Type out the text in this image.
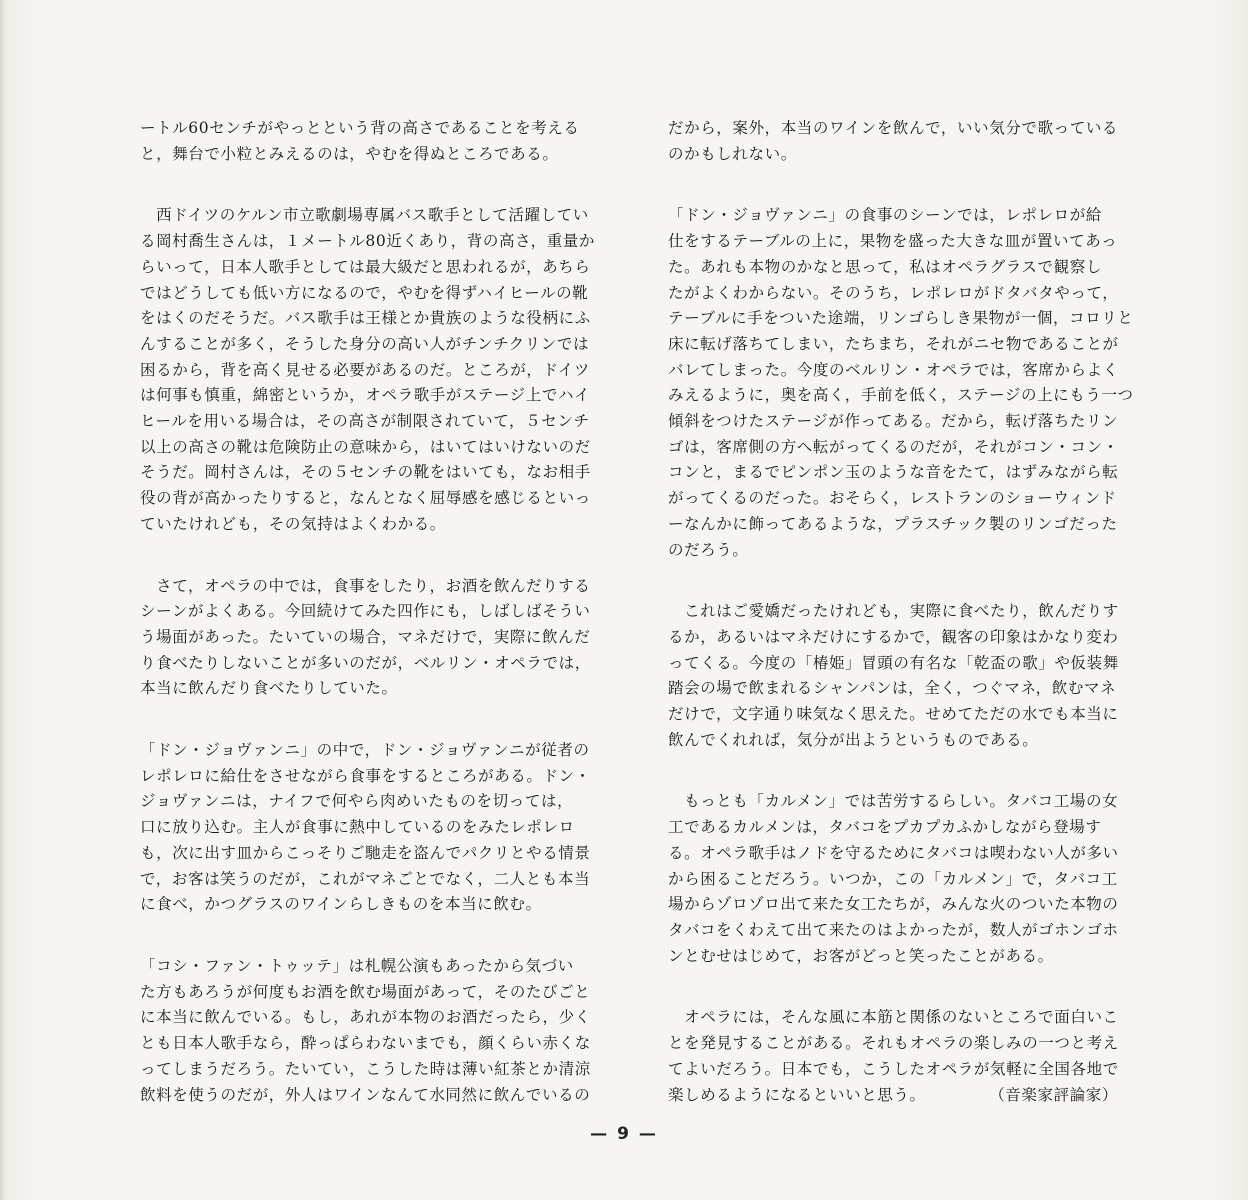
ートル60センチがやっとという背の高さであることを考える
と，舞台で小粒とみえるのは，やむを得ぬところである。
　西ドイツのケルン市立歌劇場専属バス歌手として活躍してい
る岡村喬生さんは，１メートル80近くあり，背の高さ，重量か
らいって，日本人歌手としては最大級だと思われるが，あちら
ではどうしても低い方になるので，やむを得ずハイヒールの靴
をはくのだそうだ。バス歌手は王様とか貴族のような役柄にふ
んすることが多く，そうした身分の高い人がチンチクリンでは
困るから，背を高く見せる必要があるのだ。ところが，ドイツ
は何事も慎重，綿密というか，オペラ歌手がステージ上でハイ
ヒールを用いる場合は，その高さが制限されていて，５センチ
以上の高さの靴は危険防止の意味から，はいてはいけないのだ
そうだ。岡村さんは，その５センチの靴をはいても，なお相手
役の背が高かったりすると，なんとなく屈辱感を感じるといっ
ていたけれども，その気持はよくわかる。
　さて，オペラの中では，食事をしたり，お酒を飲んだりする
シーンがよくある。今回続けてみた四作にも，しばしばそうい
う場面があった。たいていの場合，マネだけで，実際に飲んだ
り食べたりしないことが多いのだが，ベルリン・オペラでは，
本当に飲んだり食べたりしていた。
「ドン・ジョヴァンニ」の中で，ドン・ジョヴァンニが従者の
レポレロに給仕をさせながら食事をするところがある。ドン・
ジョヴァンニは，ナイフで何やら肉めいたものを切っては，
口に放り込む。主人が食事に熱中しているのをみたレポレロ
も，次に出す皿からこっそりご馳走を盗んでパクリとやる情景
で，お客は笑うのだが，これがマネごとでなく，二人とも本当
に食べ，かつグラスのワインらしきものを本当に飲む。
「コシ・ファン・トゥッテ」は札幌公演もあったから気づい
た方もあろうが何度もお酒を飲む場面があって，そのたびごと
に本当に飲んでいる。もし，あれが本物のお酒だったら，少く
とも日本人歌手なら，酔っぱらわないまでも，顔くらい赤くな
ってしまうだろう。たいてい，こうした時は薄い紅茶とか清涼
飲料を使うのだが，外人はワインなんて水同然に飲んでいるの
だから，案外，本当のワインを飲んで，いい気分で歌っている
のかもしれない。
「ドン・ジョヴァンニ」の食事のシーンでは，レポレロが給
仕をするテーブルの上に，果物を盛った大きな皿が置いてあっ
た。あれも本物のかなと思って，私はオペラグラスで観察し
たがよくわからない。そのうち，レポレロがドタバタやって，
テーブルに手をついた途端，リンゴらしき果物が一個，コロリと
床に転げ落ちてしまい，たちまち，それがニセ物であることが
バレてしまった。今度のベルリン・オペラでは，客席からよく
みえるように，奥を高く，手前を低く，ステージの上にもう一つ
傾斜をつけたステージが作ってある。だから，転げ落ちたリン
ゴは，客席側の方へ転がってくるのだが，それがコン・コン・
コンと，まるでピンポン玉のような音をたて，はずみながら転
がってくるのだった。おそらく，レストランのショーウィンド
ーなんかに飾ってあるような，プラスチック製のリンゴだった
のだろう。
　これはご愛嬌だったけれども，実際に食べたり，飲んだりす
るか，あるいはマネだけにするかで，観客の印象はかなり変わ
ってくる。今度の「椿姫」冒頭の有名な「乾盃の歌」や仮装舞
踏会の場で飲まれるシャンパンは，全く，つぐマネ，飲むマネ
だけで，文字通り味気なく思えた。せめてただの水でも本当に
飲んでくれれば，気分が出ようというものである。
　もっとも「カルメン」では苦労するらしい。タバコ工場の女
工であるカルメンは，タバコをプカプカふかしながら登場す
る。オペラ歌手はノドを守るためにタバコは喫わない人が多い
から困ることだろう。いつか，この「カルメン」で，タバコ工
場からゾロゾロ出て来た女工たちが，みんな火のついた本物の
タバコをくわえて出て来たのはよかったが，数人がゴホンゴホ
ンとむせはじめて，お客がどっと笑ったことがある。
　オペラには，そんな風に本筋と関係のないところで面白いこ
とを発見することがある。それもオペラの楽しみの一つと考え
てよいだろう。日本でも，こうしたオペラが気軽に全国各地で
楽しめるようになるといいと思う。	（音楽家評論家）
— 9 —
